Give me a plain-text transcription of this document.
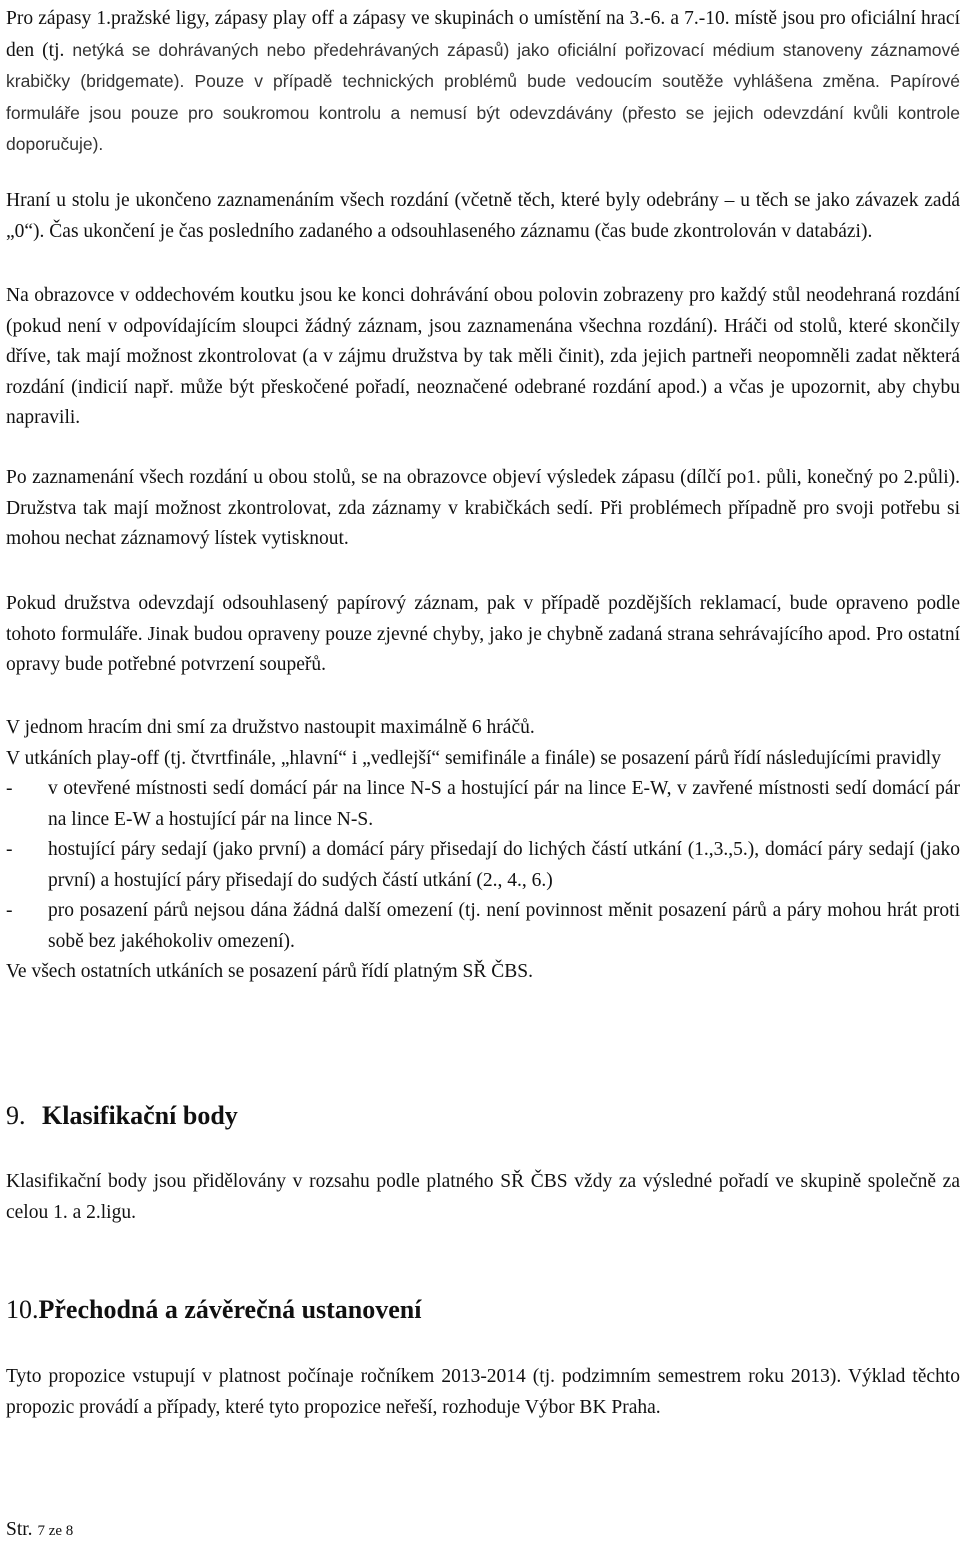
Pro zápasy 1.pražské ligy, zápasy play off a zápasy ve skupinách o umístění na 3.-6. a 7.-10. místě jsou pro oficiální hrací den (tj. netýká se dohrávaných nebo předehrávaných zápasů) jako oficiální pořizovací médium stanoveny záznamové krabičky (bridgemate). Pouze v případě technických problémů bude vedoucím soutěže vyhlášena změna. Papírové formuláře jsou pouze pro soukromou kontrolu a nemusí být odevzdávány (přesto se jejich odevzdání kvůli kontrole doporučuje).

Hraní u stolu je ukončeno zaznamenáním všech rozdání (včetně těch, které byly odebrány – u těch se jako závazek zadá „0“). Čas ukončení je čas posledního zadaného a odsouhlaseného záznamu (čas bude zkontrolován v databázi).

Na obrazovce v oddechovém koutku jsou ke konci dohrávání obou polovin zobrazeny pro každý stůl neodehraná rozdání (pokud není v odpovídajícím sloupci žádný záznam, jsou zaznamenána všechna rozdání). Hráči od stolů, které skončily dříve, tak mají možnost zkontrolovat (a v zájmu družstva by tak měli činit), zda jejich partneři neopomněli zadat některá rozdání (indicií např. může být přeskočené pořadí, neoznačené odebrané rozdání apod.) a včas je upozornit, aby chybu napravili.

Po zaznamenání všech rozdání u obou stolů, se na obrazovce objeví výsledek zápasu (dílčí po1. půli, konečný po 2.půli). Družstva tak mají možnost zkontrolovat, zda záznamy v krabičkách sedí. Při problémech případně pro svoji potřebu si mohou nechat záznamový lístek vytisknout.

Pokud družstva odevzdají odsouhlasený papírový záznam, pak v případě pozdějších reklamací, bude opraveno podle tohoto formuláře. Jinak budou opraveny pouze zjevné chyby, jako je chybně zadaná strana sehrávajícího apod. Pro ostatní opravy bude potřebné potvrzení soupeřů.

V jednom hracím dni smí za družstvo nastoupit maximálně 6 hráčů.

V utkáních play-off (tj. čtvrtfinále, „hlavní“ i „vedlejší“ semifinále a finále) se posazení párů řídí následujícími pravidly

-	v otevřené místnosti sedí domácí pár na lince N-S a hostující pár na lince E-W, v zavřené místnosti sedí domácí pár na lince E-W a hostující pár na lince N-S.

-	hostující páry sedají (jako první) a domácí páry přisedají do lichých částí utkání (1.,3.,5.), domácí páry sedají (jako první) a hostující páry přisedají do sudých částí utkání (2., 4., 6.)

-	pro posazení párů nejsou dána žádná další omezení (tj. není povinnost měnit posazení párů a páry mohou hrát proti sobě bez jakéhokoliv omezení).

Ve všech ostatních utkáních se posazení párů řídí platným SŘ ČBS.

9. Klasifikační body

Klasifikační body jsou přidělovány v rozsahu podle platného SŘ ČBS vždy za výsledné pořadí ve skupině společně za celou 1. a 2.ligu.

10.Přechodná a závěrečná ustanovení

Tyto propozice vstupují v platnost počínaje ročníkem 2013-2014 (tj. podzimním semestrem roku 2013). Výklad těchto propozic provádí a případy, které tyto propozice neřeší, rozhoduje Výbor BK Praha.

Str. 7 ze 8
